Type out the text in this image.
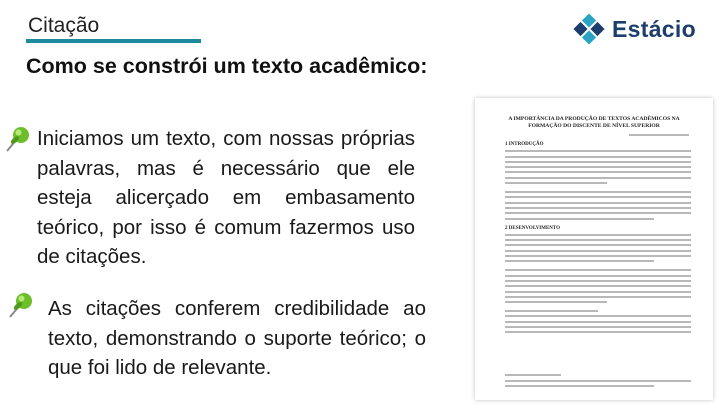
Citação	Estácio
Como se constrói um texto acadêmico:
Iniciamos um texto, com nossas próprias palavras, mas é necessário que ele esteja alicerçado em embasamento teórico, por isso é comum fazermos uso de citações.
As citações conferem credibilidade ao texto, demonstrando o suporte teórico; o que foi lido de relevante.
A IMPORTÂNCIA DA PRODUÇÃO DE TEXTOS ACADÊMICOS NA FORMAÇÃO DO DISCENTE DE NÍVEL SUPERIOR
1 INTRODUÇÃO
2 DESENVOLVIMENTO
